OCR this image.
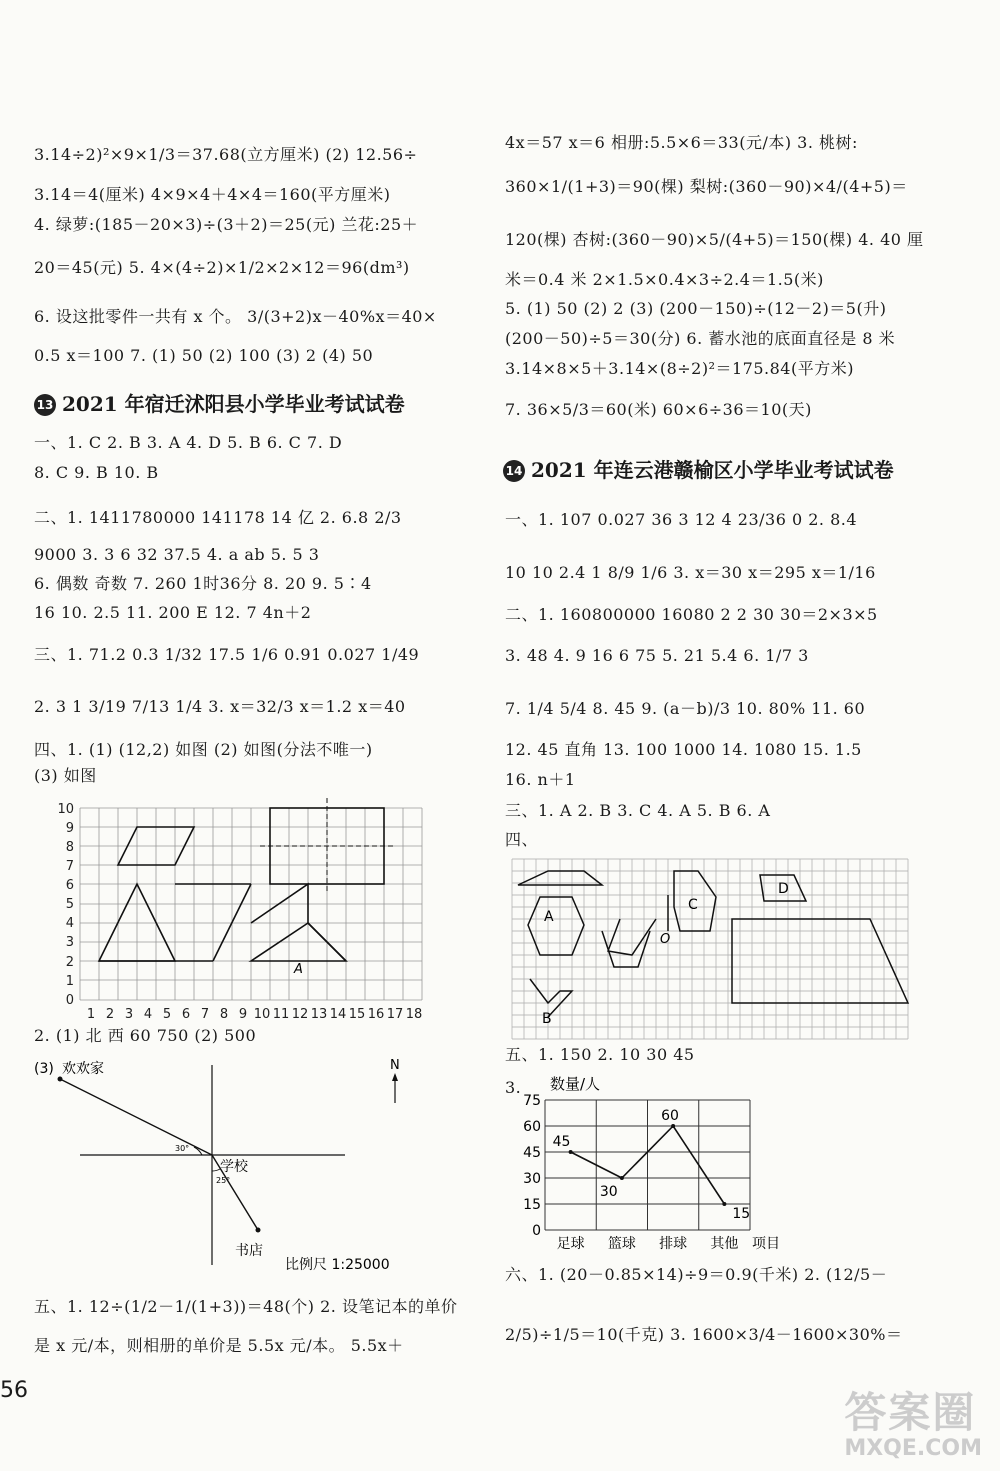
3.14÷2)²×9×1/3＝37.68(立方厘米) (2) 12.56÷
3.14＝4(厘米) 4×9×4＋4×4＝160(平方厘米)
4. 绿萝:(185－20×3)÷(3＋2)＝25(元) 兰花:25＋
20＝45(元) 5. 4×(4÷2)×1/2×2×12＝96(dm³)
6. 设这批零件一共有 x 个。 3/(3+2)x－40%x＝40×
0.5 x＝100 7. (1) 50 (2) 100 (3) 2 (4) 50
13 2021 年宿迁沭阳县小学毕业考试试卷
一、1. C 2. B 3. A 4. D 5. B 6. C 7. D
8. C 9. B 10. B
二、1. 1411780000 141178 14 亿 2. 6.8 2/3
9000 3. 3 6 32 37.5 4. a ab 5. 5 3
6. 偶数 奇数 7. 260 1时36分 8. 20 9. 5∶4
16 10. 2.5 11. 200 E 12. 7 4n＋2
三、1. 71.2 0.3 1/32 17.5 1/6 0.91 0.027 1/49
2. 3 1 3/19 7/13 1/4 3. x＝32/3 x＝1.2 x＝40
四、1. (1) (12,2) 如图 (2) 如图(分法不唯一)
(3) 如图
A
0
1
2
3
4
5
6
7
8
9
10
1 2 3 4 5 6 7 8 9 10 11 12 13 14 15 16 17 18
2. (1) 北 西 60 750 (2) 500
(3) 欢欢家
30°
25°
学校
书店
比例尺 1:25000
N
五、1. 12÷(1/2－1/(1+3))＝48(个) 2. 设笔记本的单价
是 x 元/本，则相册的单价是 5.5x 元/本。 5.5x＋
56
4x＝57 x＝6 相册:5.5×6＝33(元/本) 3. 桃树:
360×1/(1+3)＝90(棵) 梨树:(360－90)×4/(4+5)＝
120(棵) 杏树:(360－90)×5/(4+5)＝150(棵) 4. 40 厘
米＝0.4 米 2×1.5×0.4×3÷2.4＝1.5(米)
5. (1) 50 (2) 2 (3) (200－150)÷(12－2)＝5(升)
(200－50)÷5＝30(分) 6. 蓄水池的底面直径是 8 米
3.14×8×5＋3.14×(8÷2)²＝175.84(平方米)
7. 36×5/3＝60(米) 60×6÷36＝10(天)
14 2021 年连云港赣榆区小学毕业考试试卷
一、1. 107 0.027 36 3 12 4 23/36 0 2. 8.4
10 10 2.4 1 8/9 1/6 3. x＝30 x＝295 x＝1/16
二、1. 160800000 16080 2 2 30 30＝2×3×5
3. 48 4. 9 16 6 75 5. 21 5.4 6. 1/7 3
7. 1/4 5/4 8. 45 9. (a－b)/3 10. 80% 11. 60
12. 45 直角 13. 100 1000 14. 1080 15. 1.5
16. n＋1
三、1. A 2. B 3. C 4. A 5. B 6. A
四、
A
B
C
D
O
五、1. 150 2. 10 30 45
3. 数量/人
45
30
60
15
0
15
30
45
60
75
足球 篮球 排球 其他 项目
六、1. (20－0.85×14)÷9＝0.9(千米) 2. (12/5－
2/5)÷1/5＝10(千克) 3. 1600×3/4－1600×30%＝
答案圈
MXQE.COM
